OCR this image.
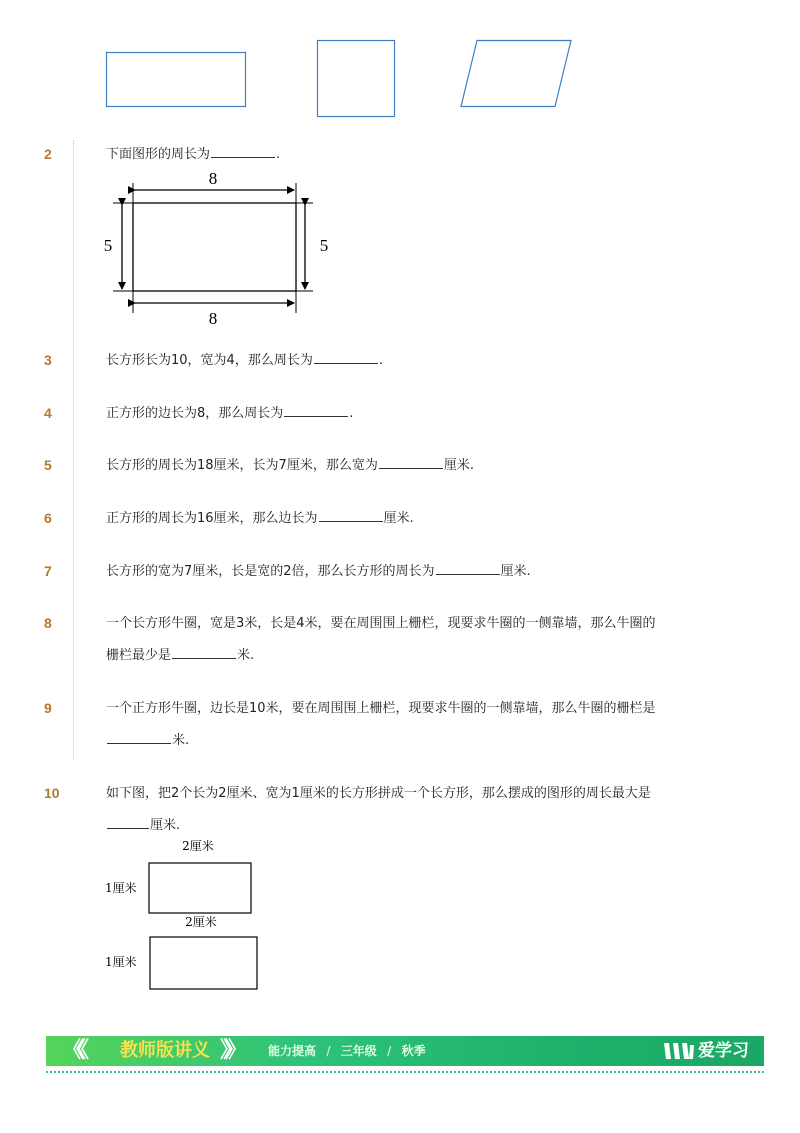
2	下面图形的周长为	.

8
8
5	5
3	长方形长为10，宽为4，那么周长为	.

4	正方形的边长为8，那么周长为	.

5	长方形的周长为18厘米，长为7厘米，那么宽为	厘米.

6	正方形的周长为16厘米，那么边长为	厘米.

7	长方形的宽为7厘米，长是宽的2倍，那么长方形的周长为	厘米.

8	一个长方形牛圈，宽是3米，长是4米，要在周围围上栅栏，现要求牛圈的一侧靠墙，那么牛圈的

栅栏最少是	米.

9	一个正方形牛圈，边长是10米，要在周围围上栅栏，现要求牛圈的一侧靠墙，那么牛圈的栅栏是

米.

10	如下图，把2个长为2厘米、宽为1厘米的长方形拼成一个长方形，那么摆成的图形的周长最大是

厘米.

2厘米
1厘米
2厘米
1厘米
《《 教师版讲义 》》 能力提高 / 三年级 / 秋季	爱学习
